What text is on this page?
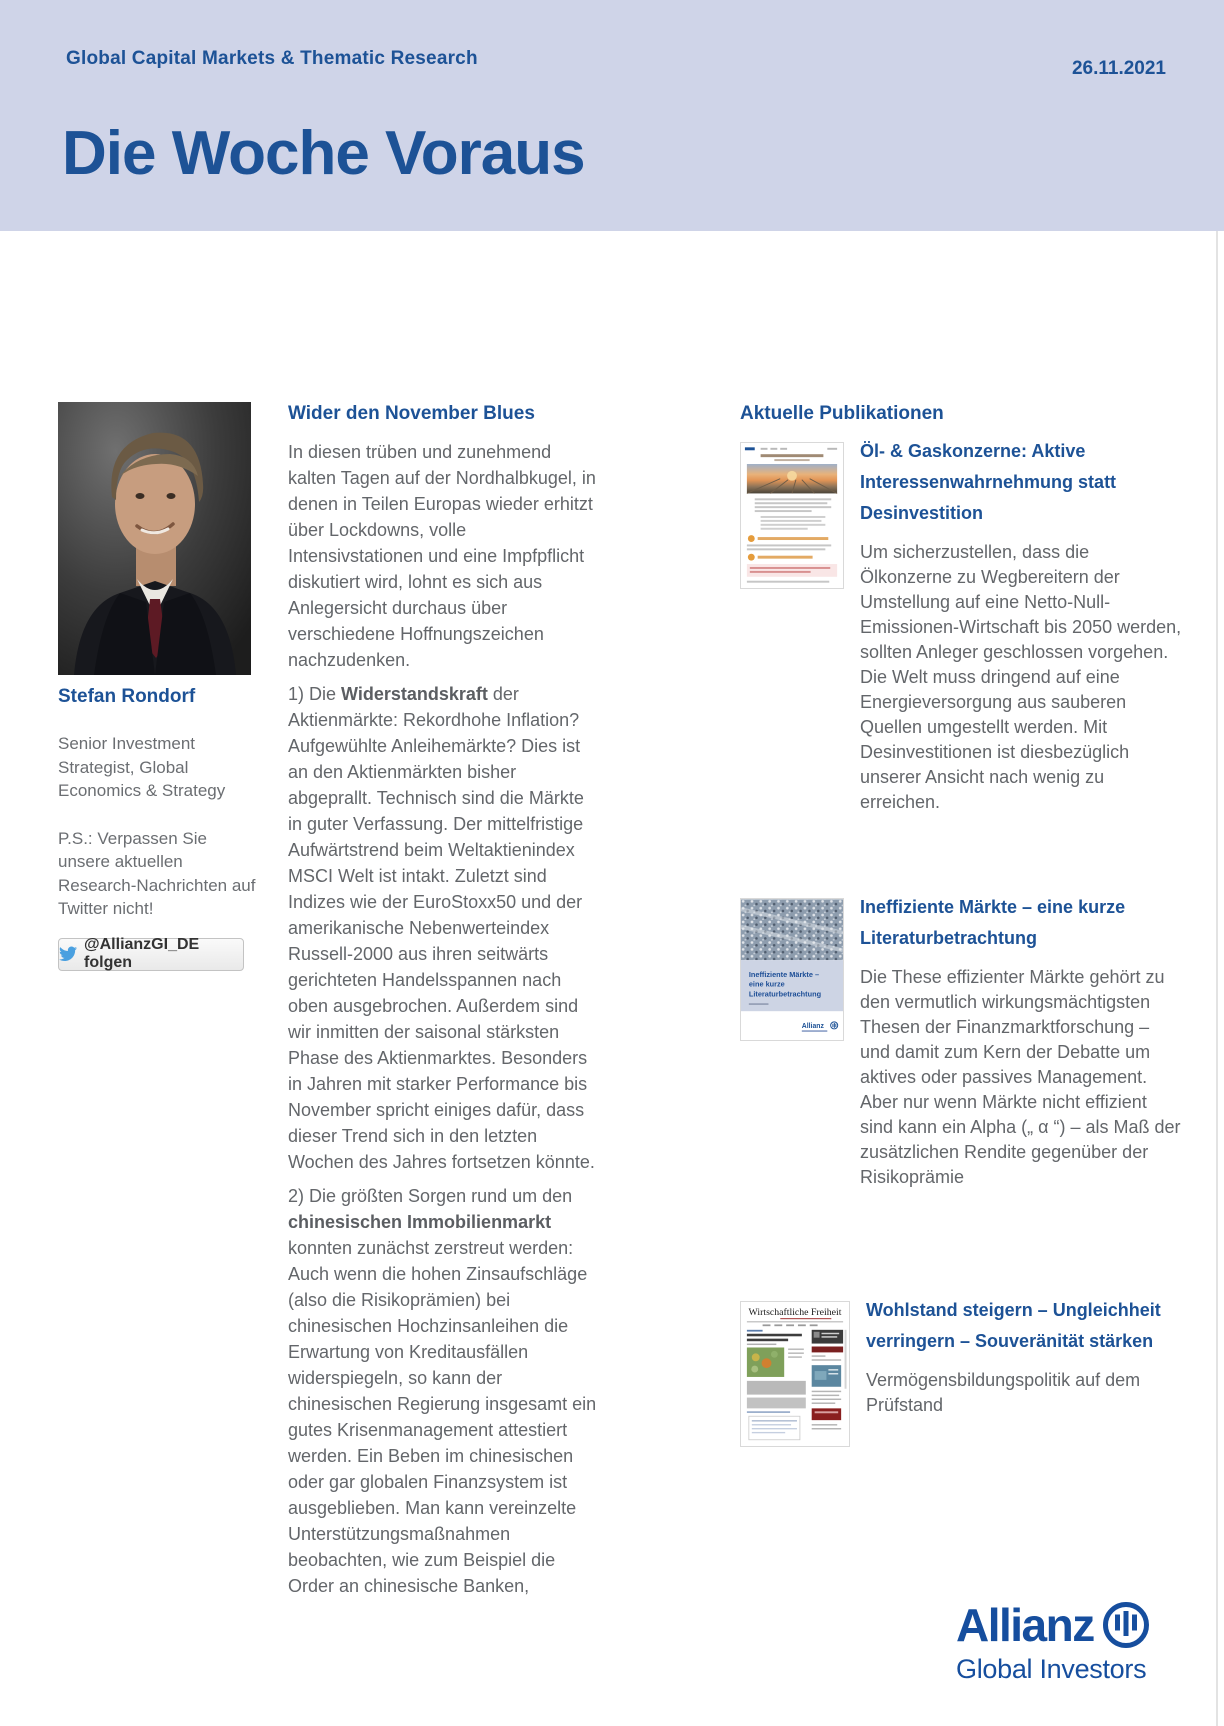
Global Capital Markets & Thematic Research	26.11.2021
Die Woche Voraus
Stefan Rondorf
Senior Investment Strategist, Global Economics & Strategy
P.S.: Verpassen Sie unsere aktuellen Research-Nachrichten auf Twitter nicht!
@AllianzGI_DE folgen
Wider den November Blues

In diesen trüben und zunehmend kalten Tagen auf der Nordhalbkugel, in denen in Teilen Europas wieder erhitzt über Lockdowns, volle Intensivstationen und eine Impfpflicht diskutiert wird, lohnt es sich aus Anlegersicht durchaus über verschiedene Hoffnungszeichen nachzudenken.

1) Die Widerstandskraft der Aktienmärkte: Rekordhohe Inflation? Aufgewühlte Anleihemärkte? Dies ist an den Aktienmärkten bisher abgeprallt. Technisch sind die Märkte in guter Verfassung. Der mittelfristige Aufwärtstrend beim Weltaktienindex MSCI Welt ist intakt. Zuletzt sind Indizes wie der EuroStoxx50 und der amerikanische Nebenwerteindex Russell-2000 aus ihren seitwärts gerichteten Handelsspannen nach oben ausgebrochen. Außerdem sind wir inmitten der saisonal stärksten Phase des Aktienmarktes. Besonders in Jahren mit starker Performance bis November spricht einiges dafür, dass dieser Trend sich in den letzten Wochen des Jahres fortsetzen könnte.

2) Die größten Sorgen rund um den chinesischen Immobilienmarkt konnten zunächst zerstreut werden: Auch wenn die hohen Zinsaufschläge (also die Risikoprämien) bei chinesischen Hochzinsanleihen die Erwartung von Kreditausfällen widerspiegeln, so kann der chinesischen Regierung insgesamt ein gutes Krisenmanagement attestiert werden. Ein Beben im chinesischen oder gar globalen Finanzsystem ist ausgeblieben. Man kann vereinzelte Unterstützungsmaßnahmen beobachten, wie zum Beispiel die Order an chinesische Banken,

Aktuelle Publikationen
Öl- & Gaskonzerne: Aktive Interessenwahrnehmung statt Desinvestition
Um sicherzustellen, dass die Ölkonzerne zu Wegbereitern der Umstellung auf eine Netto-Null-Emissionen-Wirtschaft bis 2050 werden, sollten Anleger geschlossen vorgehen. Die Welt muss dringend auf eine Energieversorgung aus sauberen Quellen umgestellt werden. Mit Desinvestitionen ist diesbezüglich unserer Ansicht nach wenig zu erreichen.
Ineffiziente Märkte –
eine kurze
Literaturbetrachtung
Allianz
Ineffiziente Märkte – eine kurze Literaturbetrachtung
Die These effizienter Märkte gehört zu den vermutlich wirkungsmächtigsten Thesen der Finanzmarktforschung – und damit zum Kern der Debatte um aktives oder passives Management. Aber nur wenn Märkte nicht effizient sind kann ein Alpha („ α “) – als Maß der zusätzlichen Rendite gegenüber der Risikoprämie
Wirtschaftliche Freiheit Wohlstand steigern – Ungleichheit verringern – Souveränität stärken
Vermögensbildungspolitik auf dem Prüfstand
Allianz
Global Investors
